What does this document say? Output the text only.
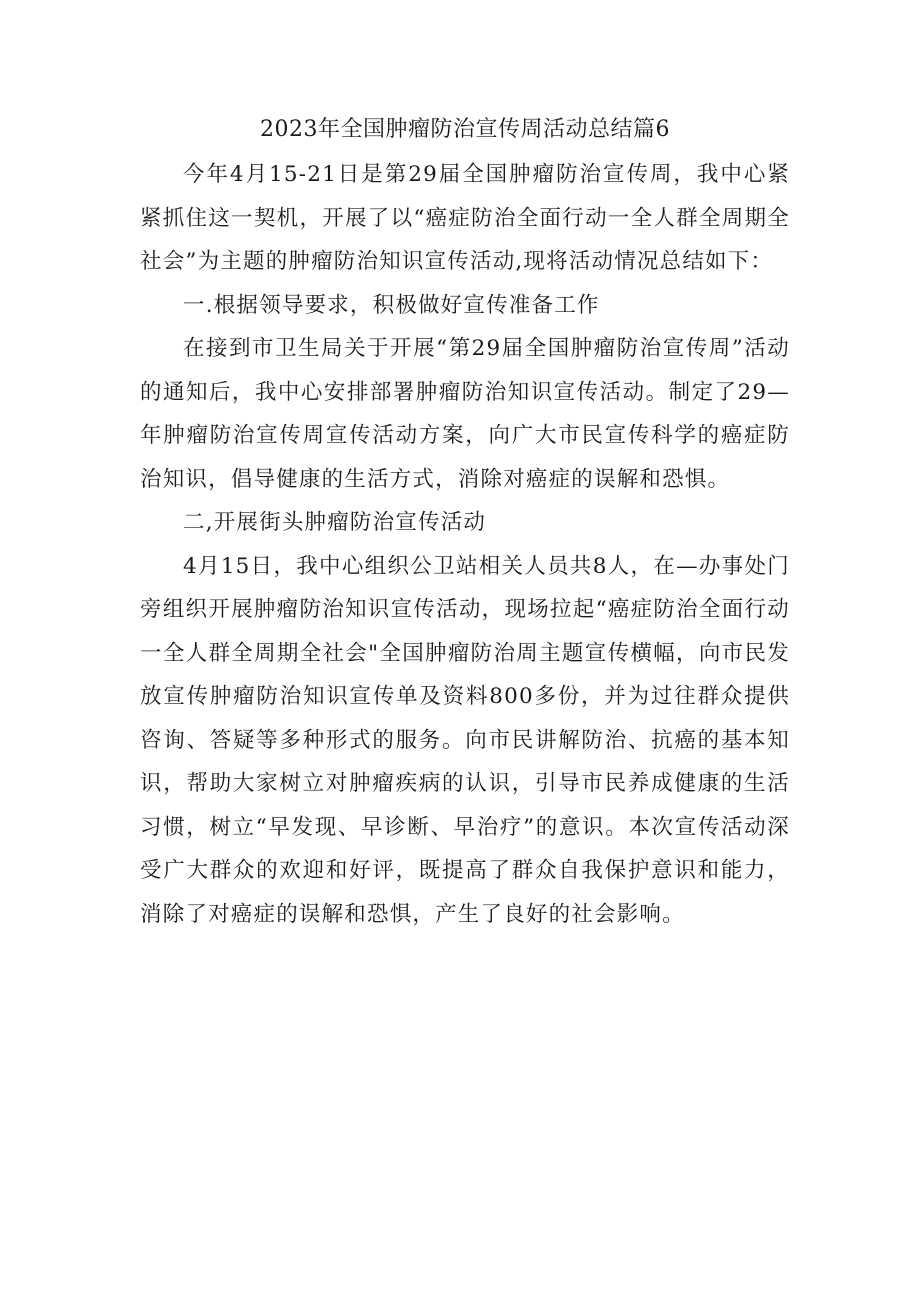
2023年全国肿瘤防治宣传周活动总结篇6

今年4月15-21日是第29届全国肿瘤防治宣传周，我中心紧紧抓住这一契机，开展了以“癌症防治全面行动一全人群全周期全社会”为主题的肿瘤防治知识宣传活动,现将活动情况总结如下：

一.根据领导要求，积极做好宣传准备工作

在接到市卫生局关于开展“第29届全国肿瘤防治宣传周”活动的通知后，我中心安排部署肿瘤防治知识宣传活动。制定了29—年肿瘤防治宣传周宣传活动方案，向广大市民宣传科学的癌症防治知识，倡导健康的生活方式，消除对癌症的误解和恐惧。

二,开展街头肿瘤防治宣传活动

4月15日，我中心组织公卫站相关人员共8人，在—办事处门旁组织开展肿瘤防治知识宣传活动，现场拉起“癌症防治全面行动一全人群全周期全社会"全国肿瘤防治周主题宣传横幅，向市民发放宣传肿瘤防治知识宣传单及资料800多份，并为过往群众提供咨询、答疑等多种形式的服务。向市民讲解防治、抗癌的基本知识，帮助大家树立对肿瘤疾病的认识，引导市民养成健康的生活习惯，树立“早发现、早诊断、早治疗”的意识。本次宣传活动深受广大群众的欢迎和好评，既提高了群众自我保护意识和能力，消除了对癌症的误解和恐惧，产生了良好的社会影响。
